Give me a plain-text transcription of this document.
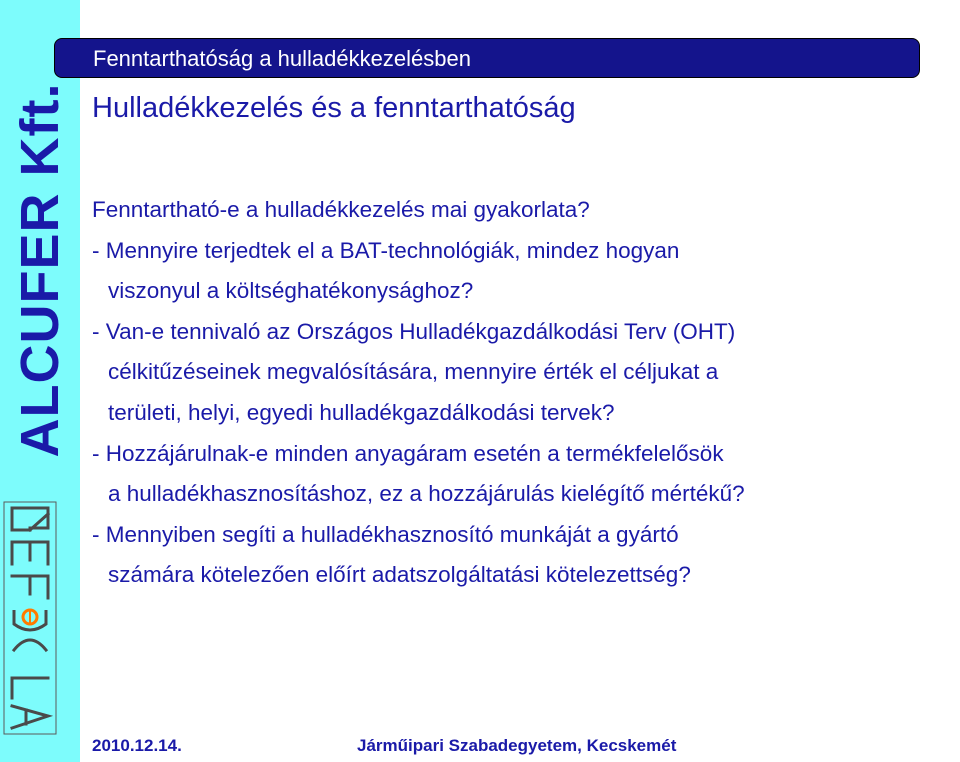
ALCUFER Kft.
Fenntarthatóság a hulladékkezelésben
Hulladékkezelés és a fenntarthatóság
Fenntartható-e a hulladékkezelés mai gyakorlata?
- Mennyire terjedtek el a BAT-technológiák, mindez hogyan
viszonyul a költséghatékonysághoz?
- Van-e tennivaló az Országos Hulladékgazdálkodási Terv (OHT)
célkitűzéseinek megvalósítására, mennyire érték el céljukat a
területi, helyi, egyedi hulladékgazdálkodási tervek?
- Hozzájárulnak-e minden anyagáram esetén a termékfelelősök
a hulladékhasznosításhoz, ez a hozzájárulás kielégítő mértékű?
- Mennyiben segíti a hulladékhasznosító munkáját a gyártó
számára kötelezően előírt adatszolgáltatási kötelezettség?
2010.12.14.	Járműipari Szabadegyetem, Kecskemét
